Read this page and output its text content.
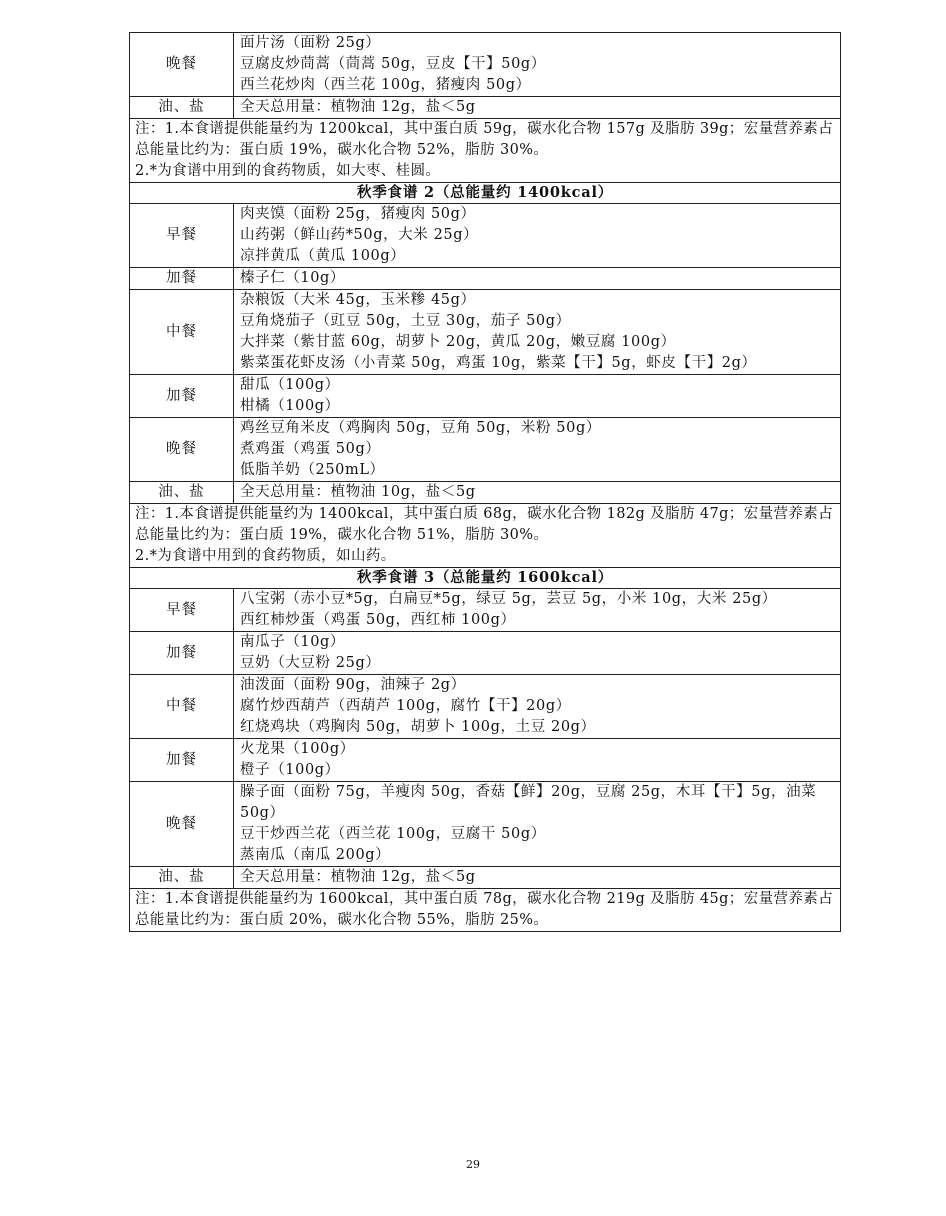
晚餐	面片汤（面粉 25g）
豆腐皮炒茼蒿（茼蒿 50g，豆皮【干】50g）
西兰花炒肉（西兰花 100g，猪瘦肉 50g）

油、盐	全天总用量：植物油 12g，盐＜5g

注：1.本食谱提供能量约为 1200kcal，其中蛋白质 59g，碳水化合物 157g 及脂肪 39g；宏量营养素占总能量比约为：蛋白质 19%，碳水化合物 52%，脂肪 30%。
2.*为食谱中用到的食药物质，如大枣、桂圆。	

秋季食谱 2（总能量约 1400kcal）	
早餐	肉夹馍（面粉 25g，猪瘦肉 50g）
山药粥（鲜山药*50g，大米 25g）
凉拌黄瓜（黄瓜 100g）

加餐	榛子仁（10g）

中餐	杂粮饭（大米 45g，玉米糁 45g）
豆角烧茄子（豇豆 50g，土豆 30g，茄子 50g）
大拌菜（紫甘蓝 60g，胡萝卜 20g，黄瓜 20g，嫩豆腐 100g）
紫菜蛋花虾皮汤（小青菜 50g，鸡蛋 10g，紫菜【干】5g，虾皮【干】2g）

加餐	甜瓜（100g）
柑橘（100g）

晚餐	鸡丝豆角米皮（鸡胸肉 50g，豆角 50g，米粉 50g）
煮鸡蛋（鸡蛋 50g）
低脂羊奶（250mL）

油、盐	全天总用量：植物油 10g，盐＜5g

注：1.本食谱提供能量约为 1400kcal，其中蛋白质 68g，碳水化合物 182g 及脂肪 47g；宏量营养素占总能量比约为：蛋白质 19%，碳水化合物 51%，脂肪 30%。
2.*为食谱中用到的食药物质，如山药。	

秋季食谱 3（总能量约 1600kcal）	
早餐	八宝粥（赤小豆*5g，白扁豆*5g，绿豆 5g，芸豆 5g，小米 10g，大米 25g）
西红柿炒蛋（鸡蛋 50g，西红柿 100g）

加餐	南瓜子（10g）
豆奶（大豆粉 25g）

中餐	油泼面（面粉 90g，油辣子 2g）
腐竹炒西葫芦（西葫芦 100g，腐竹【干】20g）
红烧鸡块（鸡胸肉 50g，胡萝卜 100g，土豆 20g）

加餐	火龙果（100g）
橙子（100g）

晚餐	臊子面（面粉 75g，羊瘦肉 50g，香菇【鲜】20g，豆腐 25g，木耳【干】5g，油菜 50g）
豆干炒西兰花（西兰花 100g，豆腐干 50g）
蒸南瓜（南瓜 200g）

油、盐	全天总用量：植物油 12g，盐＜5g

注：1.本食谱提供能量约为 1600kcal，其中蛋白质 78g，碳水化合物 219g 及脂肪 45g；宏量营养素占总能量比约为：蛋白质 20%，碳水化合物 55%，脂肪 25%。	
29
